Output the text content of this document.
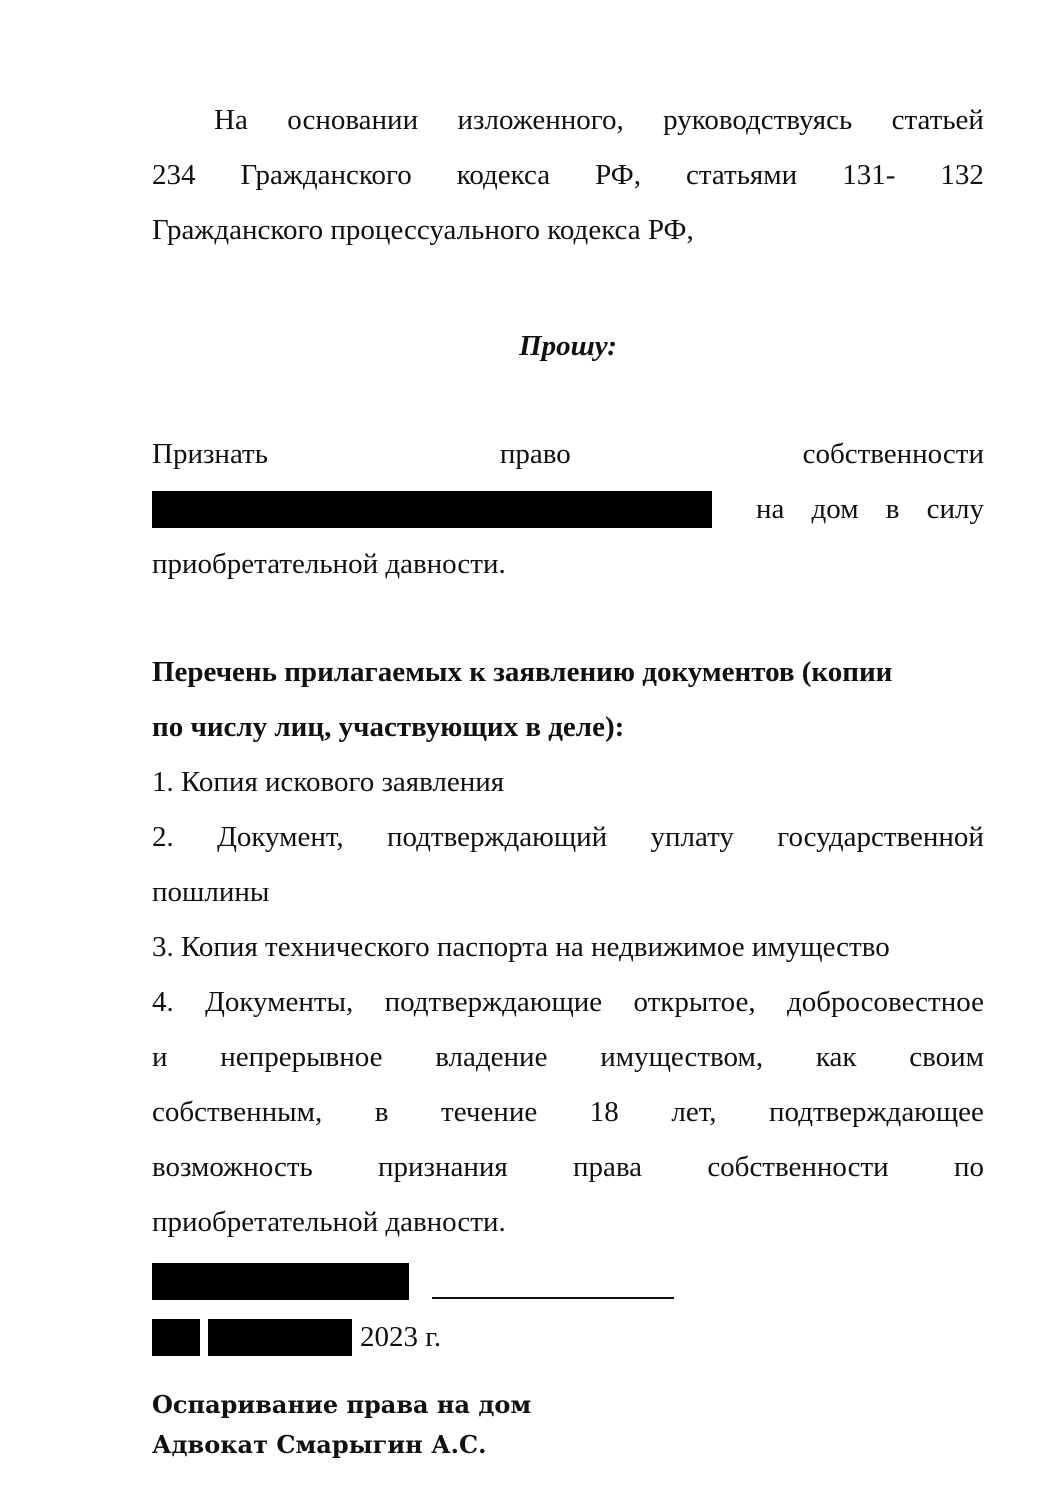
На основании изложенного, руководствуясь статьей
234 Гражданского кодекса РФ, статьями 131- 132

Гражданского процессуального кодекса РФ,

Прошу:

Признать	право	собственности
на дом в силу

приобретательной давности.

Перечень прилагаемых к заявлению документов (копии

по числу лиц, участвующих в деле):

1. Копия искового заявления

2. Документ, подтверждающий уплату государственной

пошлины

3. Копия технического паспорта на недвижимое имущество

4. Документы, подтверждающие открытое, добросовестное
и непрерывное владение имуществом, как своим
собственным, в течение 18 лет, подтверждающее
возможность признания права собственности по

приобретательной давности.

2023 г.
Оспаривание права на дом
Адвокат Смарыгин А.С.
